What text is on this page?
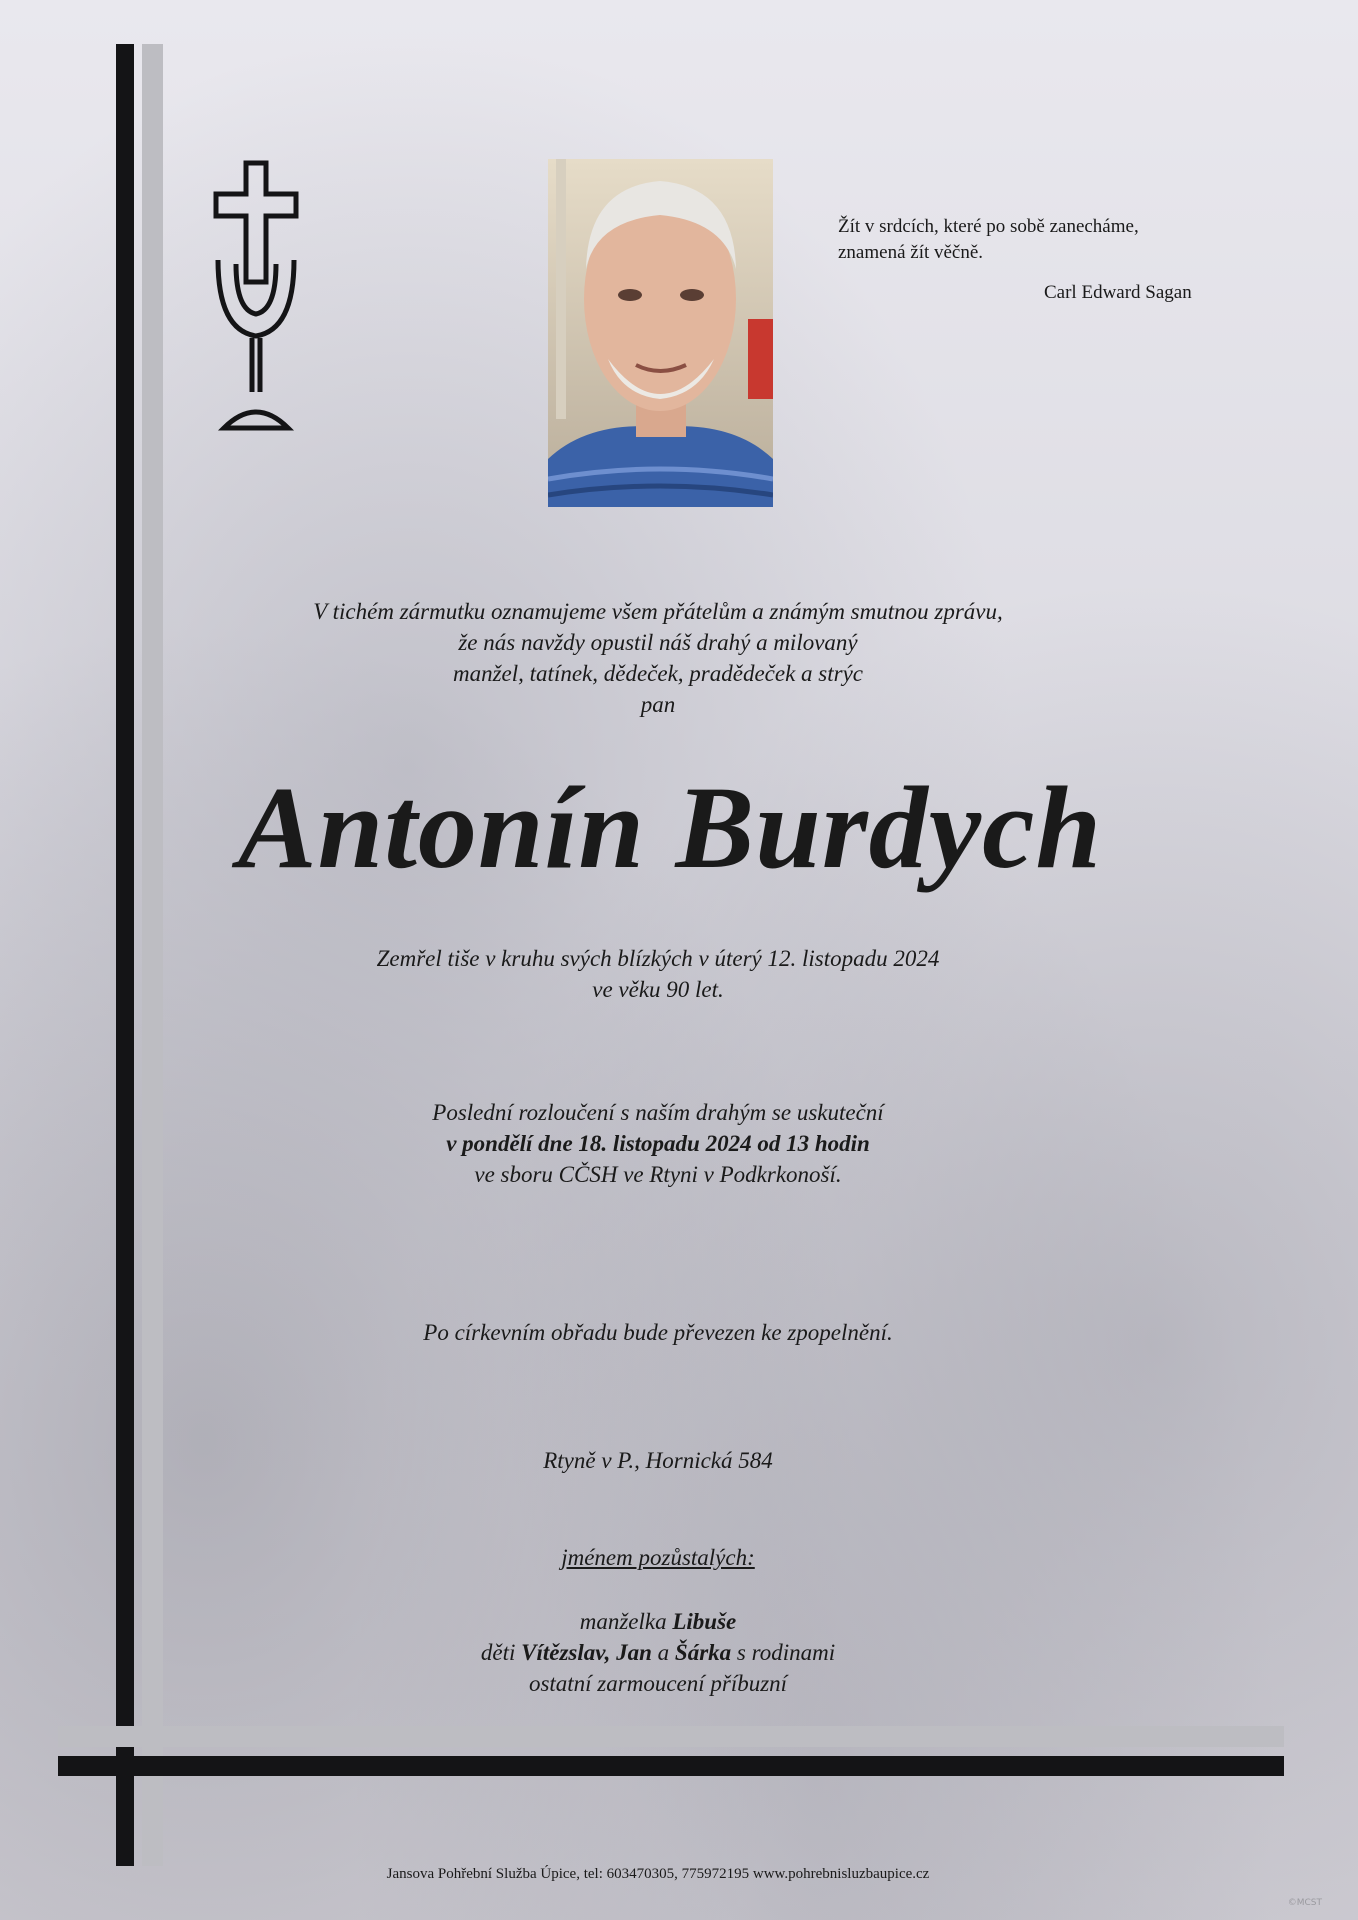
Žít v srdcích, které po sobě zanecháme,
znamená žít věčně.
Carl Edward Sagan
V tichém zármutku oznamujeme všem přátelům a známým smutnou zprávu,
že nás navždy opustil náš drahý a milovaný
manžel, tatínek, dědeček, pradědeček a strýc
pan
Antonín Burdych
Zemřel tiše v kruhu svých blízkých v úterý 12. listopadu 2024
ve věku 90 let.
Poslední rozloučení s naším drahým se uskuteční
v pondělí dne 18. listopadu 2024 od 13 hodin
ve sboru CČSH ve Rtyni v Podkrkonoší.
Po církevním obřadu bude převezen ke zpopelnění.
Rtyně v P., Hornická 584
jménem pozůstalých:
manželka Libuše
děti Vítězslav, Jan a Šárka s rodinami
ostatní zarmoucení příbuzní
Jansova Pohřební Služba Úpice, tel: 603470305, 775972195 www.pohrebnisluzbaupice.cz
©MCST
